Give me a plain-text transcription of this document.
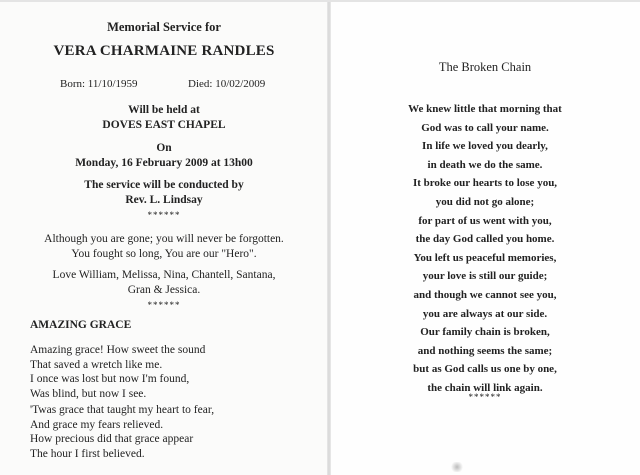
Memorial Service for
VERA CHARMAINE RANDLES
Born: 11/10/1959	Died: 10/02/2009
Will be held at
DOVES EAST CHAPEL
On
Monday, 16 February 2009 at 13h00
The service will be conducted by
Rev. L. Lindsay
******
Although you are gone; you will never be forgotten.
You fought so long, You are our "Hero".
Love William, Melissa, Nina, Chantell, Santana,
Gran & Jessica.
******
AMAZING GRACE
Amazing grace! How sweet the sound
That saved a wretch like me.
I once was lost but now I'm found,
Was blind, but now I see.
'Twas grace that taught my heart to fear,
And grace my fears relieved.
How precious did that grace appear
The hour I first believed.
The Broken Chain
We knew little that morning that
God was to call your name.
In life we loved you dearly,
in death we do the same.
It broke our hearts to lose you,
you did not go alone;
for part of us went with you,
the day God called you home.
You left us peaceful memories,
your love is still our guide;
and though we cannot see you,
you are always at our side.
Our family chain is broken,
and nothing seems the same;
but as God calls us one by one,
the chain will link again.
******
